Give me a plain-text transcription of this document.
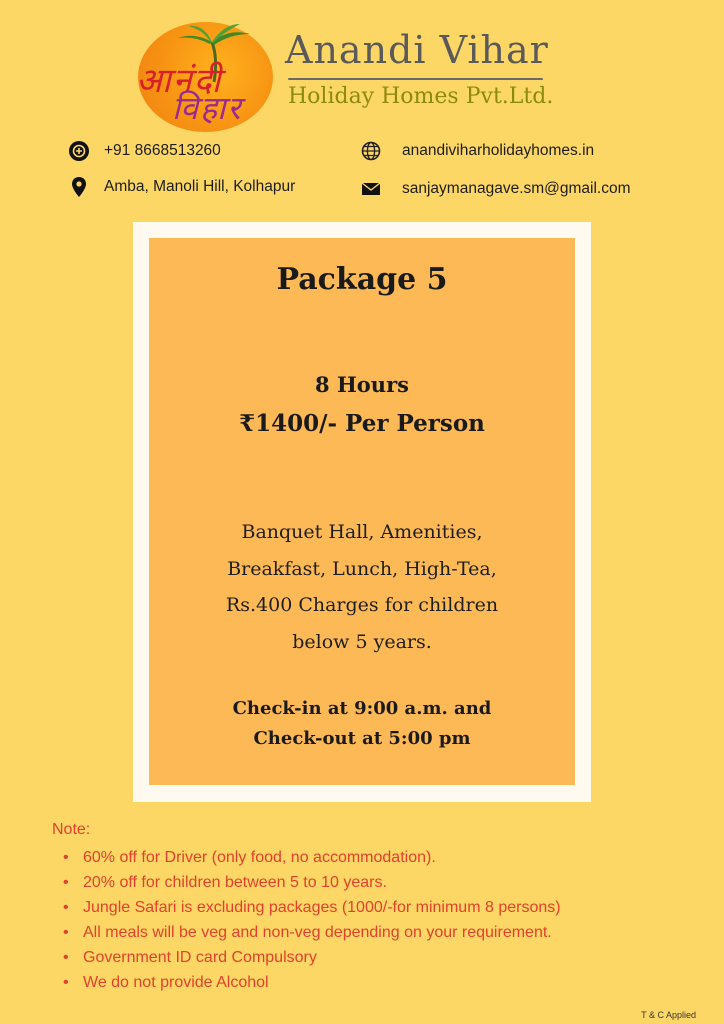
आनंदी
विहार
Anandi Vihar
Holiday Homes Pvt.Ltd.
+91 8668513260
Amba, Manoli Hill, Kolhapur
anandiviharholidayhomes.in
sanjaymanagave.sm@gmail.com
Package 5
8 Hours
₹1400/- Per Person
Banquet Hall, Amenities,
Breakfast, Lunch, High-Tea,
Rs.400 Charges for children
below 5 years.
Check-in at 9:00 a.m. and
Check-out at 5:00 pm
Note:
• 60% off for Driver (only food, no accommodation).
• 20% off for children between 5 to 10 years.
• Jungle Safari is excluding packages (1000/-for minimum 8 persons)
• All meals will be veg and non-veg depending on your requirement.
• Government ID card Compulsory
• We do not provide Alcohol
T & C Applied
